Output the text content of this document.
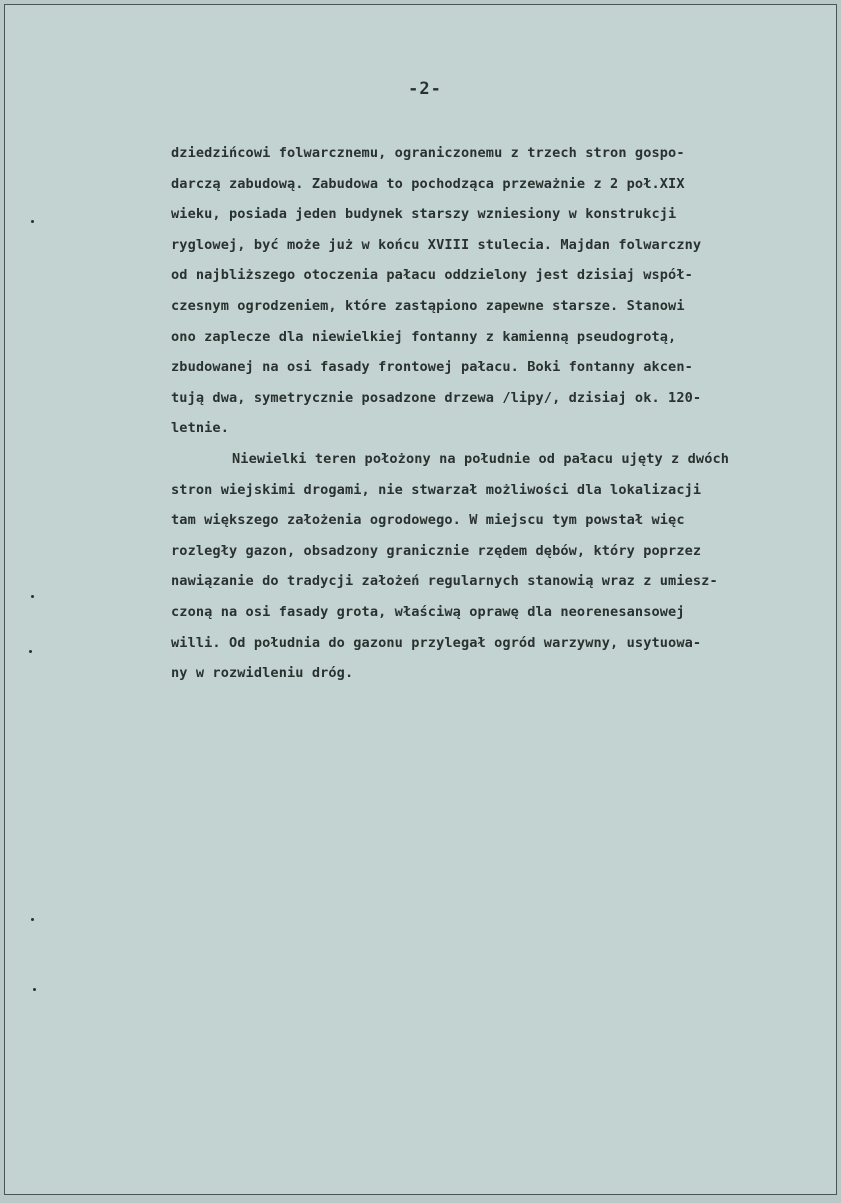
-2-
dziedzińcowi folwarcznemu, ograniczonemu z trzech stron gospo-
darczą zabudową. Zabudowa to pochodząca przeważnie z 2 poł.XIX
wieku, posiada jeden budynek starszy wzniesiony w konstrukcji
ryglowej, być może już w końcu XVIII stulecia. Majdan folwarczny
od najbliższego otoczenia pałacu oddzielony jest dzisiaj współ-
czesnym ogrodzeniem, które zastąpiono zapewne starsze. Stanowi
ono zaplecze dla niewielkiej fontanny z kamienną pseudogrotą,
zbudowanej na osi fasady frontowej pałacu. Boki fontanny akcen-
tują dwa, symetrycznie posadzone drzewa /lipy/, dzisiaj ok. 120-
letnie.
Niewielki teren położony na południe od pałacu ujęty z dwóch
stron wiejskimi drogami, nie stwarzał możliwości dla lokalizacji
tam większego założenia ogrodowego. W miejscu tym powstał więc
rozległy gazon, obsadzony granicznie rzędem dębów, który poprzez
nawiązanie do tradycji założeń regularnych stanowią wraz z umiesz-
czoną na osi fasady grota, właściwą oprawę dla neorenesansowej
willi. Od południa do gazonu przylegał ogród warzywny, usytuowa-
ny w rozwidleniu dróg.
